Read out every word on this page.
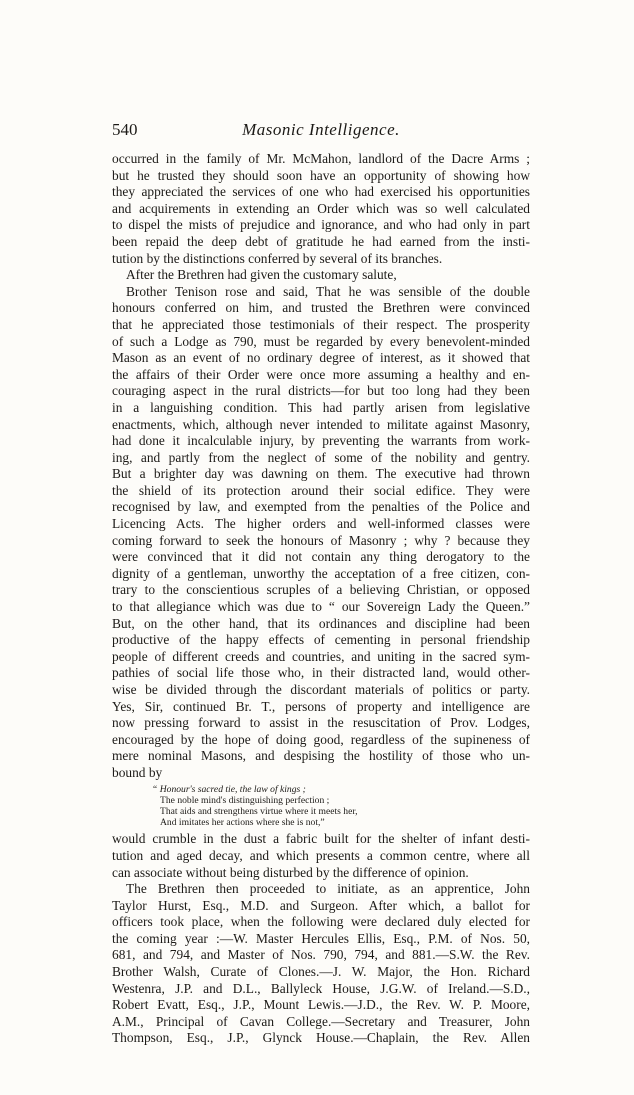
540	Masonic Intelligence.
occurred in the family of Mr. McMahon, landlord of the Dacre Arms ;
but he trusted they should soon have an opportunity of showing how
they appreciated the services of one who had exercised his opportunities
and acquirements in extending an Order which was so well calculated
to dispel the mists of prejudice and ignorance, and who had only in part
been repaid the deep debt of gratitude he had earned from the insti-
tution by the distinctions conferred by several of its branches.
After the Brethren had given the customary salute,
Brother Tenison rose and said, That he was sensible of the double
honours conferred on him, and trusted the Brethren were convinced
that he appreciated those testimonials of their respect. The prosperity
of such a Lodge as 790, must be regarded by every benevolent-minded
Mason as an event of no ordinary degree of interest, as it showed that
the affairs of their Order were once more assuming a healthy and en-
couraging aspect in the rural districts—for but too long had they been
in a languishing condition. This had partly arisen from legislative
enactments, which, although never intended to militate against Masonry,
had done it incalculable injury, by preventing the warrants from work-
ing, and partly from the neglect of some of the nobility and gentry.
But a brighter day was dawning on them. The executive had thrown
the shield of its protection around their social edifice. They were
recognised by law, and exempted from the penalties of the Police and
Licencing Acts. The higher orders and well-informed classes were
coming forward to seek the honours of Masonry ; why ? because they
were convinced that it did not contain any thing derogatory to the
dignity of a gentleman, unworthy the acceptation of a free citizen, con-
trary to the conscientious scruples of a believing Christian, or opposed
to that allegiance which was due to “ our Sovereign Lady the Queen.”
But, on the other hand, that its ordinances and discipline had been
productive of the happy effects of cementing in personal friendship
people of different creeds and countries, and uniting in the sacred sym-
pathies of social life those who, in their distracted land, would other-
wise be divided through the discordant materials of politics or party.
Yes, Sir, continued Br. T., persons of property and intelligence are
now pressing forward to assist in the resuscitation of Prov. Lodges,
encouraged by the hope of doing good, regardless of the supineness of
mere nominal Masons, and despising the hostility of those who un-
bound by
“ Honour's sacred tie, the law of kings ;
The noble mind's distinguishing perfection ;
That aids and strengthens virtue where it meets her,
And imitates her actions where she is not,”
would crumble in the dust a fabric built for the shelter of infant desti-
tution and aged decay, and which presents a common centre, where all
can associate without being disturbed by the difference of opinion.
The Brethren then proceeded to initiate, as an apprentice, John
Taylor Hurst, Esq., M.D. and Surgeon. After which, a ballot for
officers took place, when the following were declared duly elected for
the coming year :—W. Master Hercules Ellis, Esq., P.M. of Nos. 50,
681, and 794, and Master of Nos. 790, 794, and 881.—S.W. the Rev.
Brother Walsh, Curate of Clones.—J. W. Major, the Hon. Richard
Westenra, J.P. and D.L., Ballyleck House, J.G.W. of Ireland.—S.D.,
Robert Evatt, Esq., J.P., Mount Lewis.—J.D., the Rev. W. P. Moore,
A.M., Principal of Cavan College.—Secretary and Treasurer, John
Thompson, Esq., J.P., Glynck House.—Chaplain, the Rev. Allen
